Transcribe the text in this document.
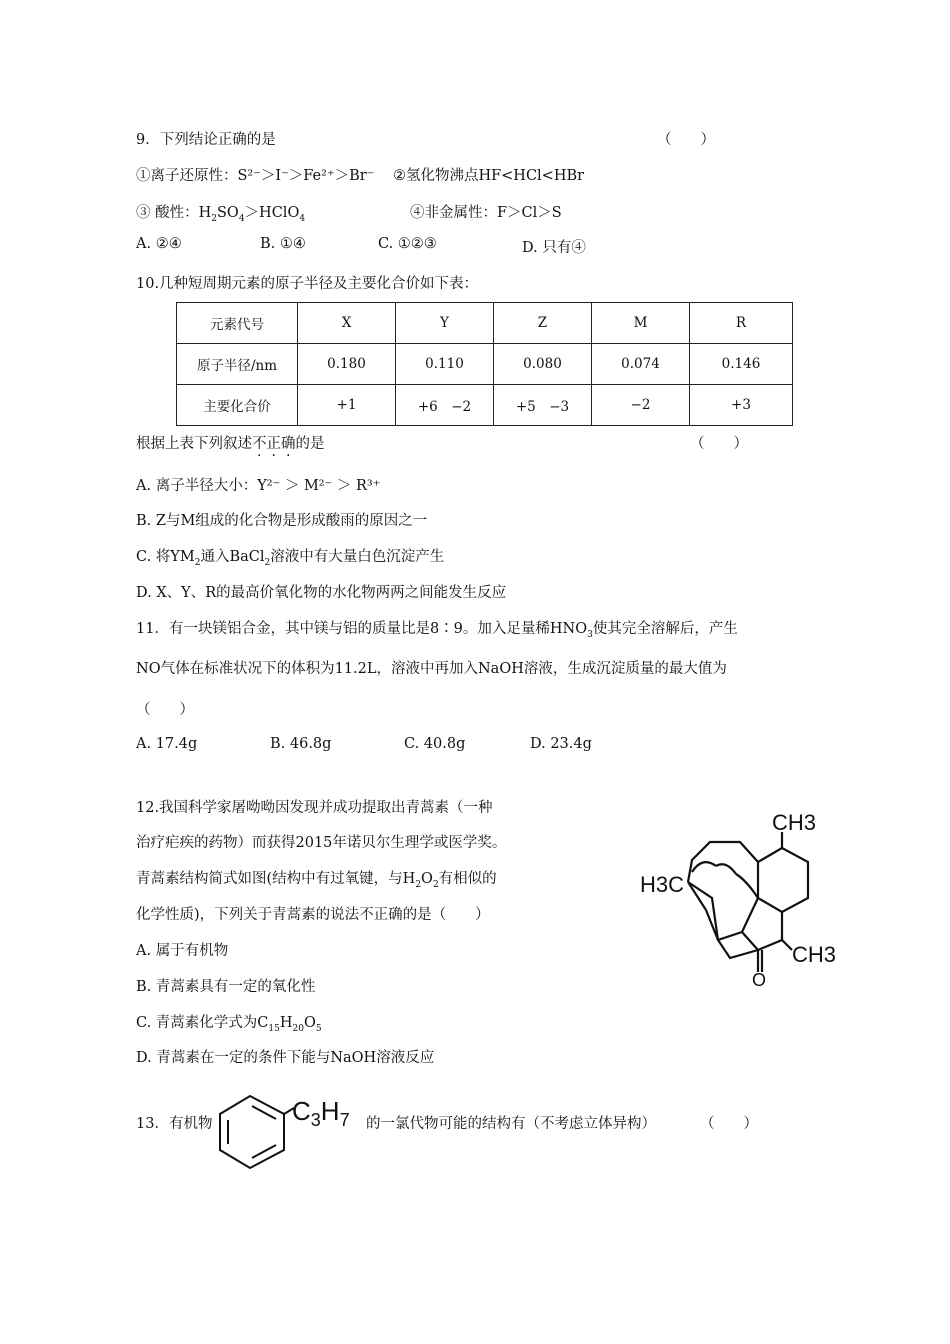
9．下列结论正确的是	（　　）
①离子还原性：S²⁻＞I⁻＞Fe²⁺＞Br⁻ ②氢化物沸点HF<HCl<HBr
③ 酸性：$H_2SO_4>HClO_4$	④非金属性：F＞Cl＞S
A. ②④	B. ①④	C. ①②③	D. 只有④
10.几种短周期元素的原子半径及主要化合价如下表：
元素代号	X	Y	Z	M	R
原子半径/nm	0.180	0.110	0.080	0.074	0.146
主要化合价	+1	+6　−2	+5　−3	−2	+3
根据上表下列叙述不正确的是	（　　）
A. 离子半径大小：Y²⁻ ＞ M²⁻ ＞ R³⁺
B. Z与M组成的化合物是形成酸雨的原因之一
C. 将$YM_2$通入BaCl$_2$溶液中有大量白色沉淀产生
D. X、Y、R的最高价氧化物的水化物两两之间能发生反应
11．有一块镁铝合金，其中镁与铝的质量比是8∶9。加入足量稀$HNO_3$使其完全溶解后，产生
NO气体在标准状况下的体积为11.2L，溶液中再加入NaOH溶液，生成沉淀质量的最大值为
（　　）
A. 17.4g	B. 46.8g	C. 40.8g	D. 23.4g
12.我国科学家屠呦呦因发现并成功提取出青蒿素（一种
治疗疟疾的药物）而获得2015年诺贝尔生理学或医学奖。
青蒿素结构简式如图(结构中有过氧键，与$H_2O_2$有相似的
化学性质)，下列关于青蒿素的说法不正确的是（　　）
A. 属于有机物
B. 青蒿素具有一定的氧化性
C. 青蒿素化学式为$C_{15}H_{20}O_5$
D. 青蒿素在一定的条件下能与NaOH溶液反应
CH3
H3C
CH3
O
13．有机物	$C_3H_7$ 的一氯代物可能的结构有（不考虑立体异构）	（　　）
